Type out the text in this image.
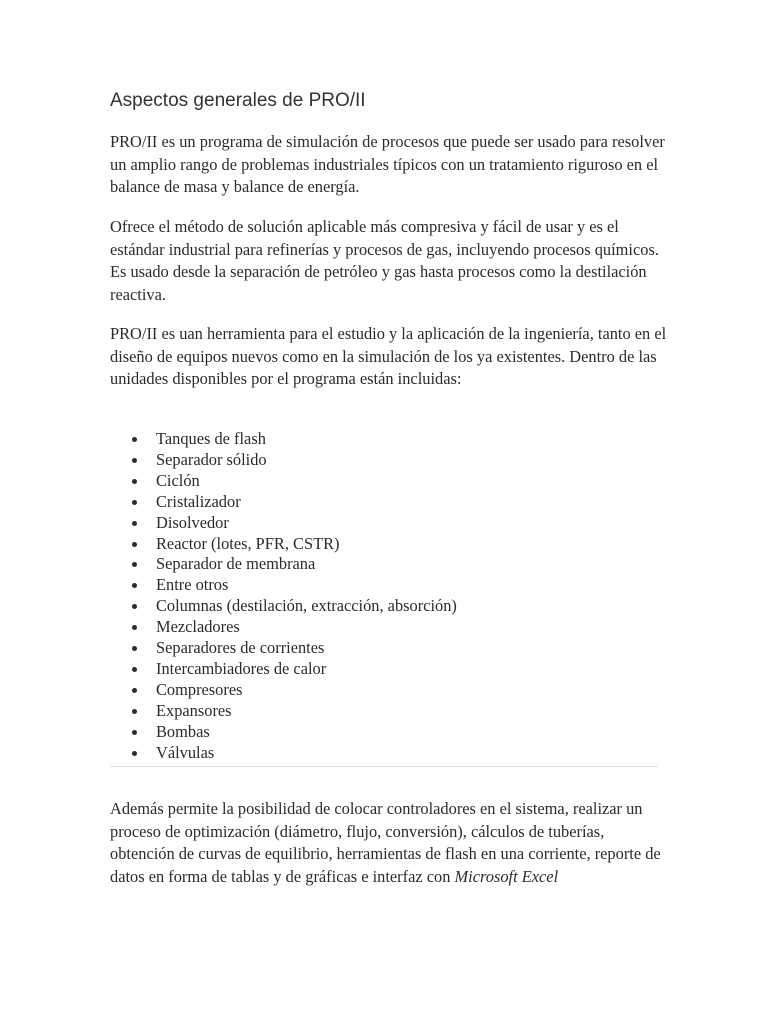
Aspectos generales de PRO/II

PRO/II es un programa de simulación de procesos que puede ser usado para resolver un amplio rango de problemas industriales típicos con un tratamiento riguroso en el balance de masa y balance de energía.

Ofrece el método de solución aplicable más compresiva y fácil de usar y es el estándar industrial para refinerías y procesos de gas, incluyendo procesos químicos. Es usado desde la separación de petróleo y gas hasta procesos como la destilación reactiva.

PRO/II es uan herramienta para el estudio y la aplicación de la ingeniería, tanto en el diseño de equipos nuevos como en la simulación de los ya existentes. Dentro de las unidades disponibles por el programa están incluidas:

Tanques de flash
Separador sólido
Ciclón
Cristalizador
Disolvedor
Reactor (lotes, PFR, CSTR)
Separador de membrana
Entre otros
Columnas (destilación, extracción, absorción)
Mezcladores
Separadores de corrientes
Intercambiadores de calor
Compresores
Expansores
Bombas
Válvulas

Además permite la posibilidad de colocar controladores en el sistema, realizar un proceso de optimización (diámetro, flujo, conversión), cálculos de tuberías, obtención de curvas de equilibrio, herramientas de flash en una corriente, reporte de datos en forma de tablas y de gráficas e interfaz con Microsoft Excel
